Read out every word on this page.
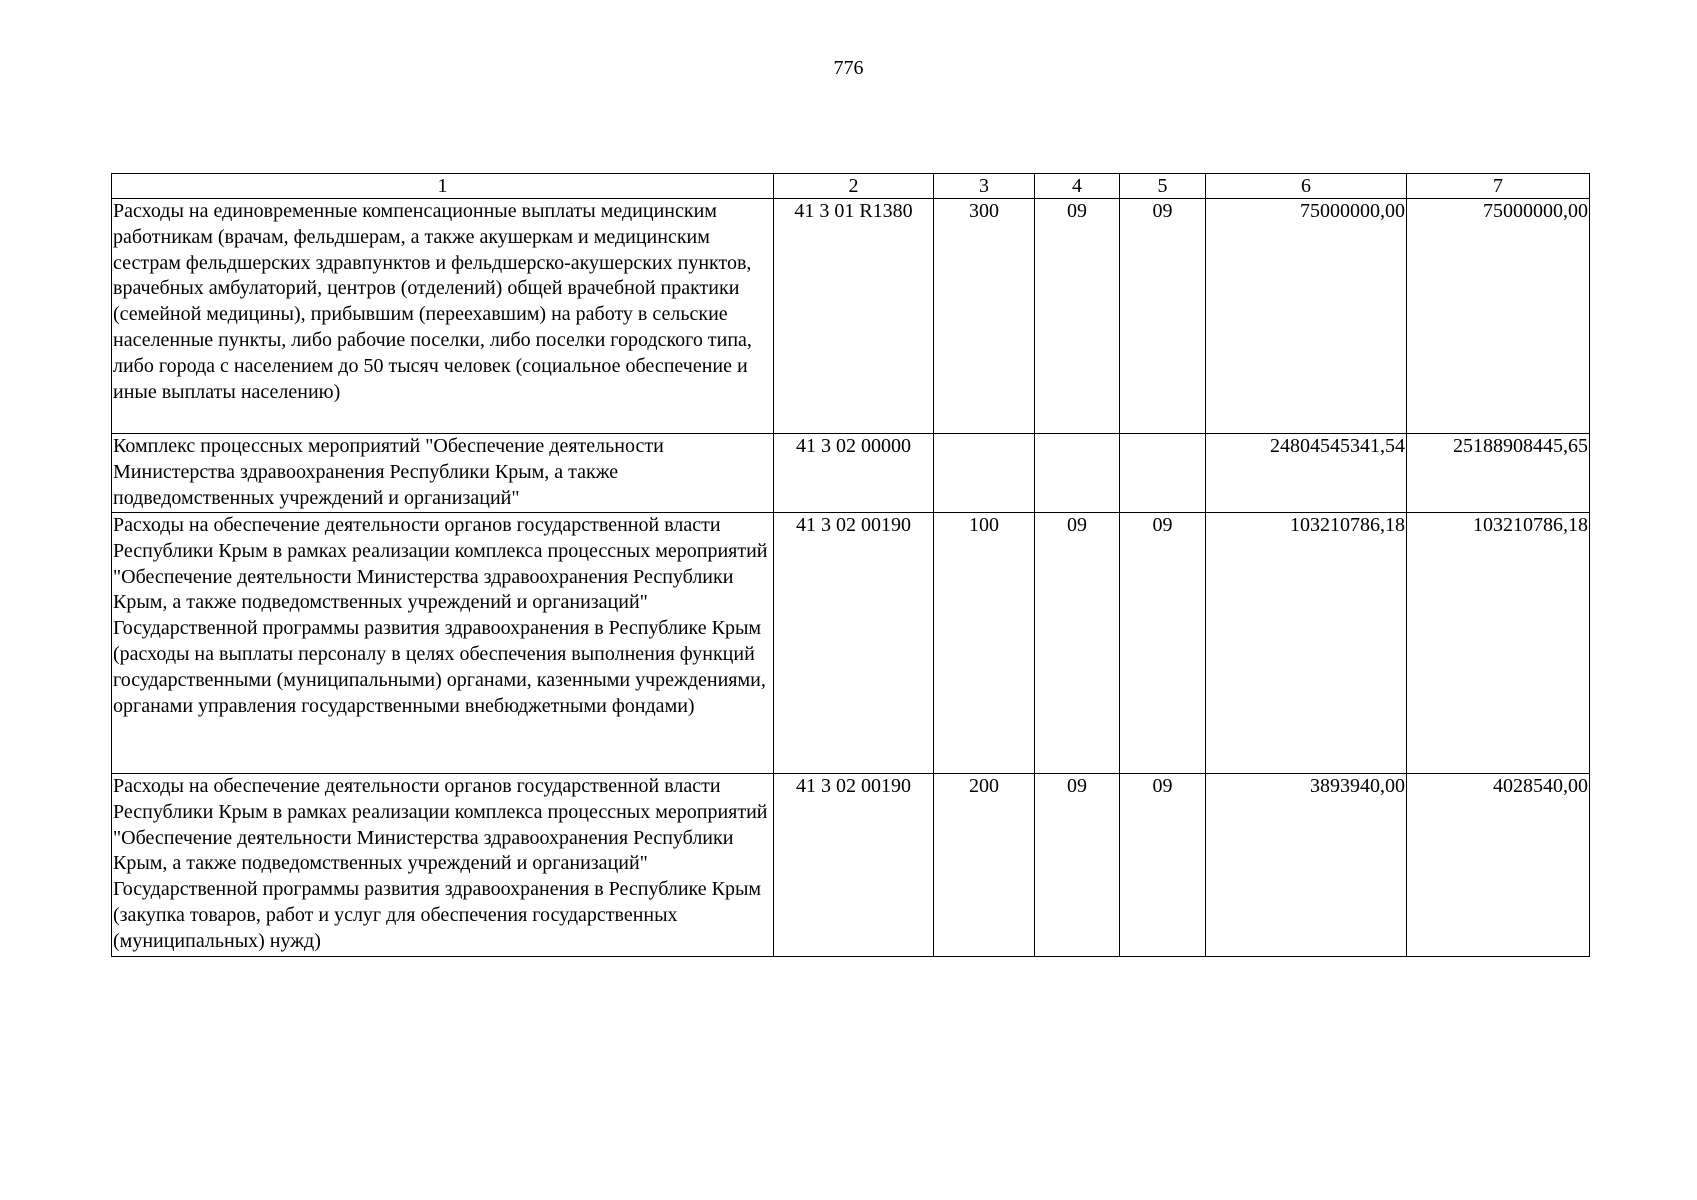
776
1	2	3	4	5	6	7
Расходы на единовременные компенсационные выплаты медицинским работникам (врачам, фельдшерам, а также акушеркам и медицинским сестрам фельдшерских здравпунктов и фельдшерско-акушерских пунктов, врачебных амбулаторий, центров (отделений) общей врачебной практики (семейной медицины), прибывшим (переехавшим) на работу в сельские населенные пункты, либо рабочие поселки, либо поселки городского типа, либо города с населением до 50 тысяч человек (социальное обеспечение и иные выплаты населению)	41 3 01 R1380	300	09	09	75000000,00	75000000,00
Комплекс процессных мероприятий "Обеспечение деятельности Министерства здравоохранения Республики Крым, а также подведомственных учреждений и организаций"	41 3 02 00000				24804545341,54	25188908445,65
Расходы на обеспечение деятельности органов государственной власти Республики Крым в рамках реализации комплекса процессных мероприятий "Обеспечение деятельности Министерства здравоохранения Республики Крым, а также подведомственных учреждений и организаций" Государственной программы развития здравоохранения в Республике Крым (расходы на выплаты персоналу в целях обеспечения выполнения функций государственными (муниципальными) органами, казенными учреждениями, органами управления государственными внебюджетными фондами)	41 3 02 00190	100	09	09	103210786,18	103210786,18
Расходы на обеспечение деятельности органов государственной власти Республики Крым в рамках реализации комплекса процессных мероприятий "Обеспечение деятельности Министерства здравоохранения Республики Крым, а также подведомственных учреждений и организаций" Государственной программы развития здравоохранения в Республике Крым (закупка товаров, работ и услуг для обеспечения государственных (муниципальных) нужд)	41 3 02 00190	200	09	09	3893940,00	4028540,00
